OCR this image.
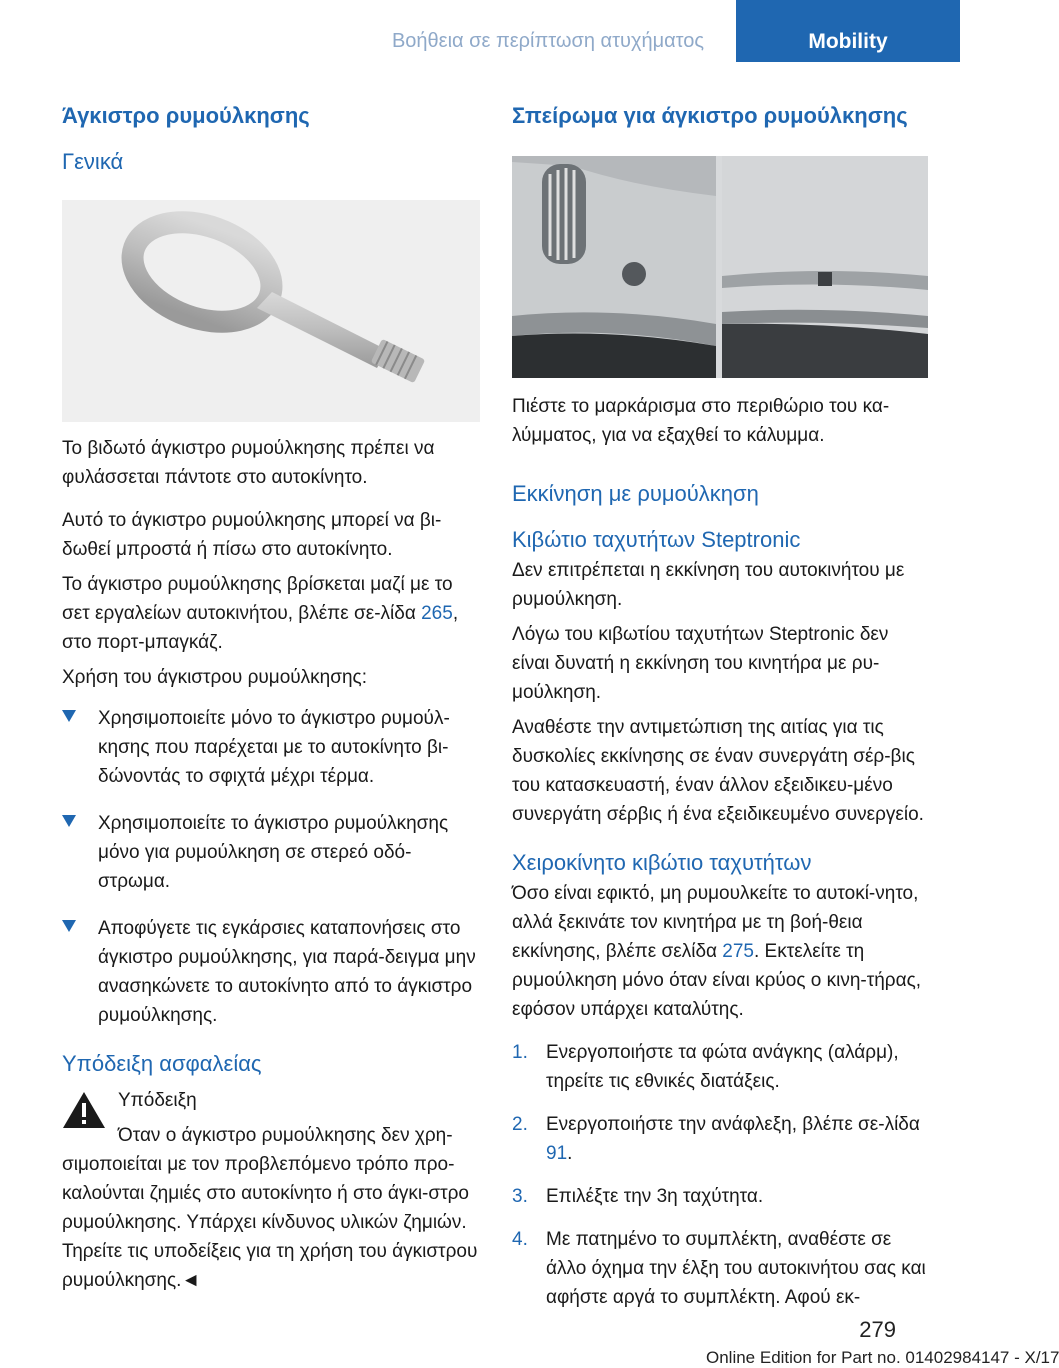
Βοήθεια σε περίπτωση ατυχήματος	Mobility
Άγκιστρο ρυμούλκησης
Γενικά

Το βιδωτό άγκιστρο ρυμούλκησης πρέπει να φυλάσσεται πάντοτε στο αυτοκίνητο.

Αυτό το άγκιστρο ρυμούλκησης μπορεί να βι‐δωθεί μπροστά ή πίσω στο αυτοκίνητο.

Το άγκιστρο ρυμούλκησης βρίσκεται μαζί με το σετ εργαλείων αυτοκινήτου, βλέπε σε‐λίδα 265, στο πορτ-μπαγκάζ.

Χρήση του άγκιστρου ρυμούλκησης:

Χρησιμοποιείτε μόνο το άγκιστρο ρυμούλ‐κησης που παρέχεται με το αυτοκίνητο βι‐δώνοντάς το σφιχτά μέχρι τέρμα.
Χρησιμοποιείτε το άγκιστρο ρυμούλκησης μόνο για ρυμούλκηση σε στερεό οδό‐στρωμα.
Αποφύγετε τις εγκάρσιες καταπονήσεις στο άγκιστρο ρυμούλκησης, για παρά‐δειγμα μην ανασηκώνετε το αυτοκίνητο από το άγκιστρο ρυμούλκησης.
Υπόδειξη ασφαλείας

Υπόδειξη

Όταν ο άγκιστρο ρυμούλκησης δεν χρη‐σιμοποιείται με τον προβλεπόμενο τρόπο προ‐καλούνται ζημιές στο αυτοκίνητο ή στο άγκι‐στρο ρυμούλκησης. Υπάρχει κίνδυνος υλικών ζημιών. Τηρείτε τις υποδείξεις για τη χρήση του άγκιστρου ρυμούλκησης.◄

Σπείρωμα για άγκιστρο ρυμούλκησης

Πιέστε το μαρκάρισμα στο περιθώριο του κα‐λύμματος, για να εξαχθεί το κάλυμμα.

Εκκίνηση με ρυμούλκηση
Κιβώτιο ταχυτήτων Steptronic

Δεν επιτρέπεται η εκκίνηση του αυτοκινήτου με ρυμούλκηση.

Λόγω του κιβωτίου ταχυτήτων Steptronic δεν είναι δυνατή η εκκίνηση του κινητήρα με ρυ‐μούλκηση.

Αναθέστε την αντιμετώπιση της αιτίας για τις δυσκολίες εκκίνησης σε έναν συνεργάτη σέρ‐βις του κατασκευαστή, έναν άλλον εξειδικευ‐μένο συνεργάτη σέρβις ή ένα εξειδικευμένο συνεργείο.

Χειροκίνητο κιβώτιο ταχυτήτων

Όσο είναι εφικτό, μη ρυμουλκείτε το αυτοκί‐νητο, αλλά ξεκινάτε τον κινητήρα με τη βοή‐θεια εκκίνησης, βλέπε σελίδα 275. Εκτελείτε τη ρυμούλκηση μόνο όταν είναι κρύος ο κινη‐τήρας, εφόσον υπάρχει καταλύτης.

1. Ενεργοποιήστε τα φώτα ανάγκης (αλάρμ), τηρείτε τις εθνικές διατάξεις.
2. Ενεργοποιήστε την ανάφλεξη, βλέπε σε‐λίδα 91.
3. Επιλέξτε την 3η ταχύτητα.
4. Με πατημένο το συμπλέκτη, αναθέστε σε άλλο όχημα την έλξη του αυτοκινήτου σας και αφήστε αργά το συμπλέκτη. Αφού εκ‐
279
Online Edition for Part no. 01402984147 - X/17
